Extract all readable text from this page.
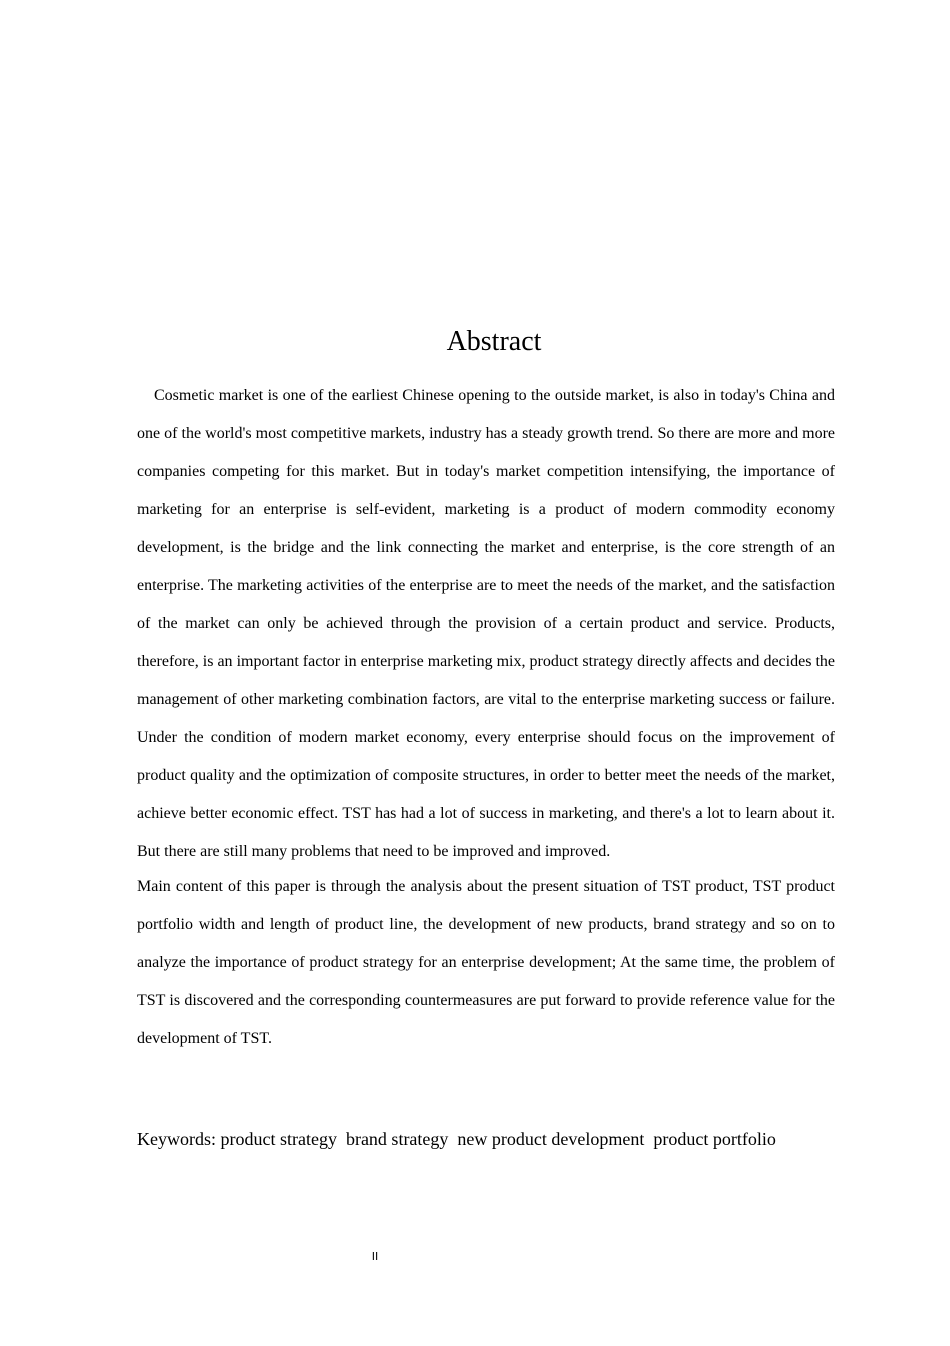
Abstract

Cosmetic market is one of the earliest Chinese opening to the outside market, is also in today's China and one of the world's most competitive markets, industry has a steady growth trend. So there are more and more companies competing for this market. But in today's market competition intensifying, the importance of marketing for an enterprise is self-evident, marketing is a product of modern commodity economy development, is the bridge and the link connecting the market and enterprise, is the core strength of an enterprise. The marketing activities of the enterprise are to meet the needs of the market, and the satisfaction of the market can only be achieved through the provision of a certain product and service. Products, therefore, is an important factor in enterprise marketing mix, product strategy directly affects and decides the management of other marketing combination factors, are vital to the enterprise marketing success or failure. Under the condition of modern market economy, every enterprise should focus on the improvement of product quality and the optimization of composite structures, in order to better meet the needs of the market, achieve better economic effect. TST has had a lot of success in marketing, and there's a lot to learn about it. But there are still many problems that need to be improved and improved.

Main content of this paper is through the analysis about the present situation of TST product, TST product portfolio width and length of product line, the development of new products, brand strategy and so on to analyze the importance of product strategy for an enterprise development; At the same time, the problem of TST is discovered and the corresponding countermeasures are put forward to provide reference value for the development of TST.

Keywords: product strategy  brand strategy  new product development  product portfolio

II
